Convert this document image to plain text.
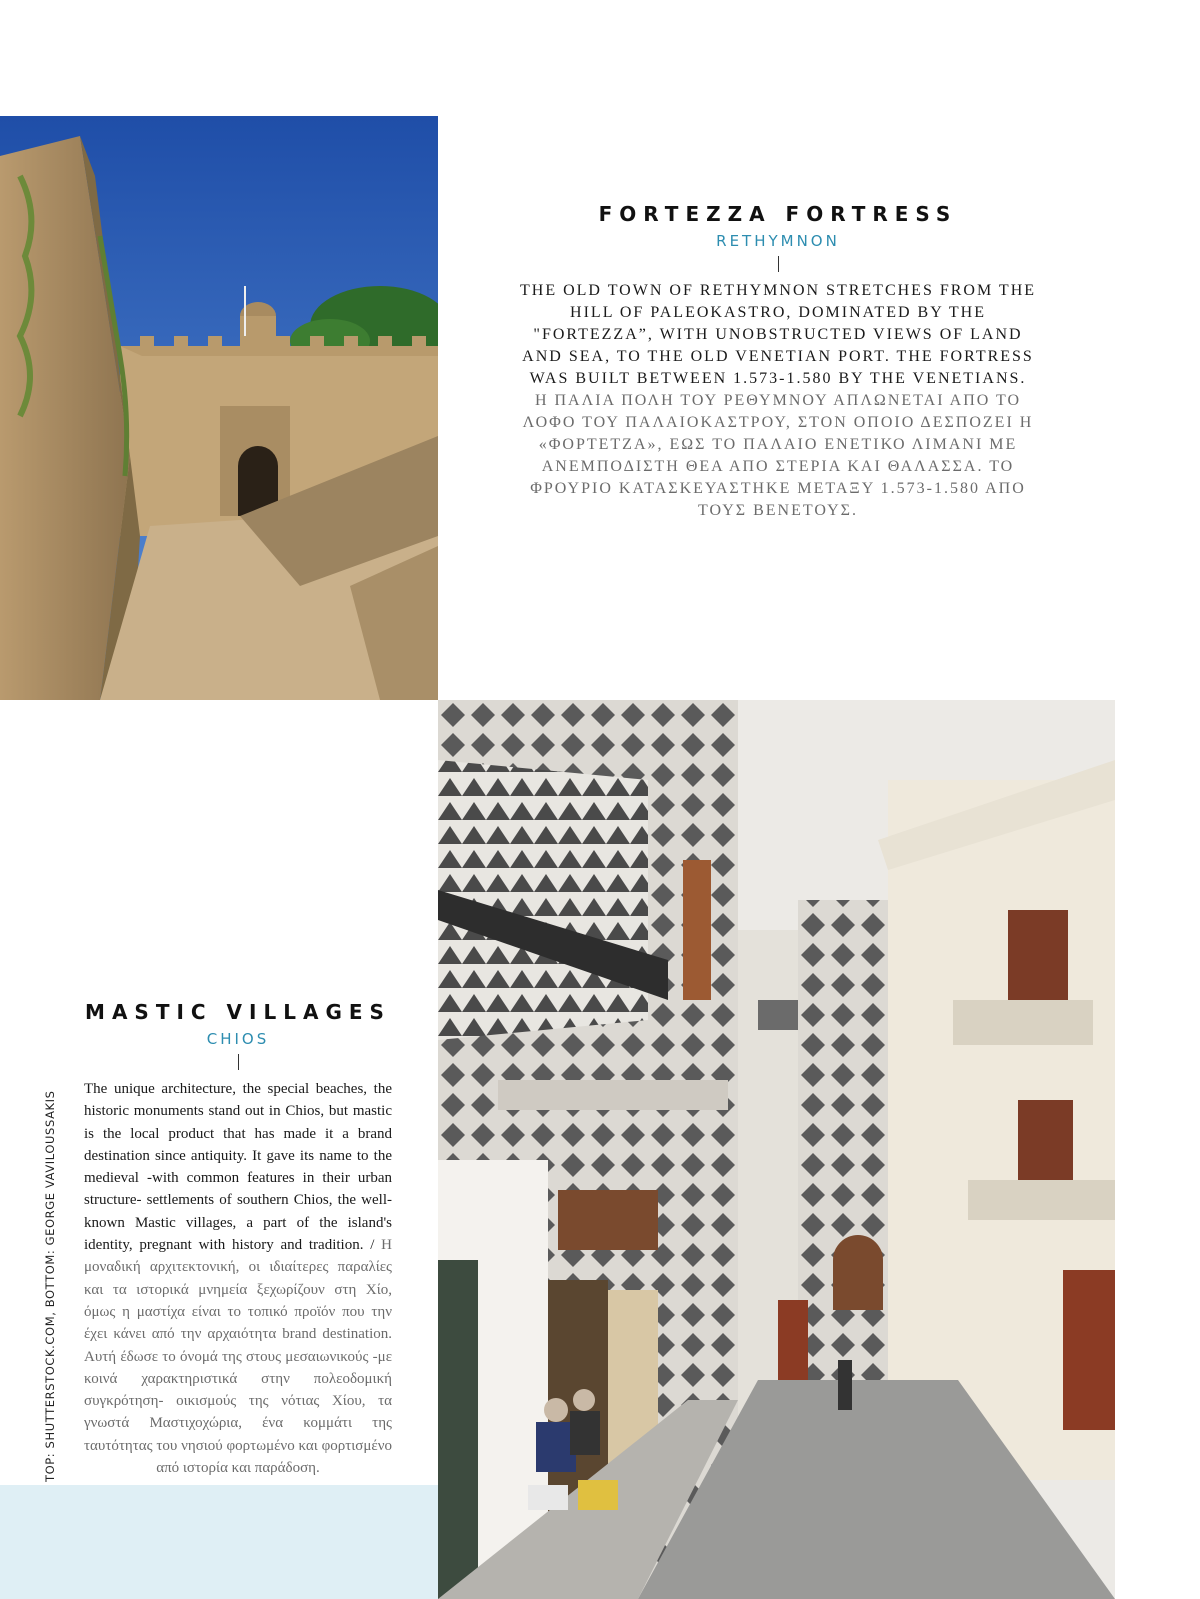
FORTEZZA FORTRESS
RETHYMNON
THE OLD TOWN OF RETHYMNON STRETCHES FROM THE HILL OF PALEOKASTRO, DOMINATED BY THE "FORTEZZA”, WITH UNOBSTRUCTED VIEWS OF LAND AND SEA, TO THE OLD VENETIAN PORT. THE FORTRESS WAS BUILT BETWEEN 1.573-1.580 BY THE VENETIANS.
Η ΠΑΛΙΑ ΠΟΛΗ ΤΟΥ ΡΕΘΥΜΝΟΥ ΑΠΛΩΝΕΤΑΙ ΑΠΟ ΤΟ ΛΟΦΟ ΤΟΥ ΠΑΛΑΙΟΚΑΣΤΡΟΥ, ΣΤΟΝ ΟΠΟΙΟ ΔΕΣΠΟΖΕΙ Η «ΦΟΡΤΕΤΖΑ», ΕΩΣ ΤΟ ΠΑΛΑΙΟ ΕΝΕΤΙΚΟ ΛΙΜΑΝΙ ΜΕ ΑΝΕΜΠΟΔΙΣΤΗ ΘΕΑ ΑΠΟ ΣΤΕΡΙΑ ΚΑΙ ΘΑΛΑΣΣΑ. ΤΟ ΦΡΟΥΡΙΟ ΚΑΤΑΣΚΕΥΑΣΤΗΚΕ ΜΕΤΑΞΥ 1.573-1.580 ΑΠΟ ΤΟΥΣ ΒΕΝΕΤΟΥΣ.
MASTIC VILLAGES
CHIOS
The unique architecture, the special beaches, the historic monuments stand out in Chios, but mastic is the local product that has made it a brand destination since antiquity. It gave its name to the medieval -with common features in their urban structure- settlements of southern Chios, the well-known Mastic villages, a part of the island's identity, pregnant with history and tradition. / Η μοναδική αρχιτεκτονική, οι ιδιαίτερες παραλίες και τα ιστορικά μνημεία ξεχωρίζουν στη Χίο, όμως η μαστίχα είναι το τοπικό προϊόν που την έχει κάνει από την αρχαιότητα brand destination. Αυτή έδωσε το όνομά της στους μεσαιωνικούς -με κοινά χαρακτηριστικά στην πολεοδομική συγκρότηση- οικισμούς της νότιας Χίου, τα γνωστά Μαστιχοχώρια, ένα κομμάτι της ταυτότητας του νησιού φορτωμένο και φορτισμένο από ιστορία και παράδοση.
TOP: SHUTTERSTOCK.COM, BOTTOM: GEORGE VAVILOUSSAKIS
